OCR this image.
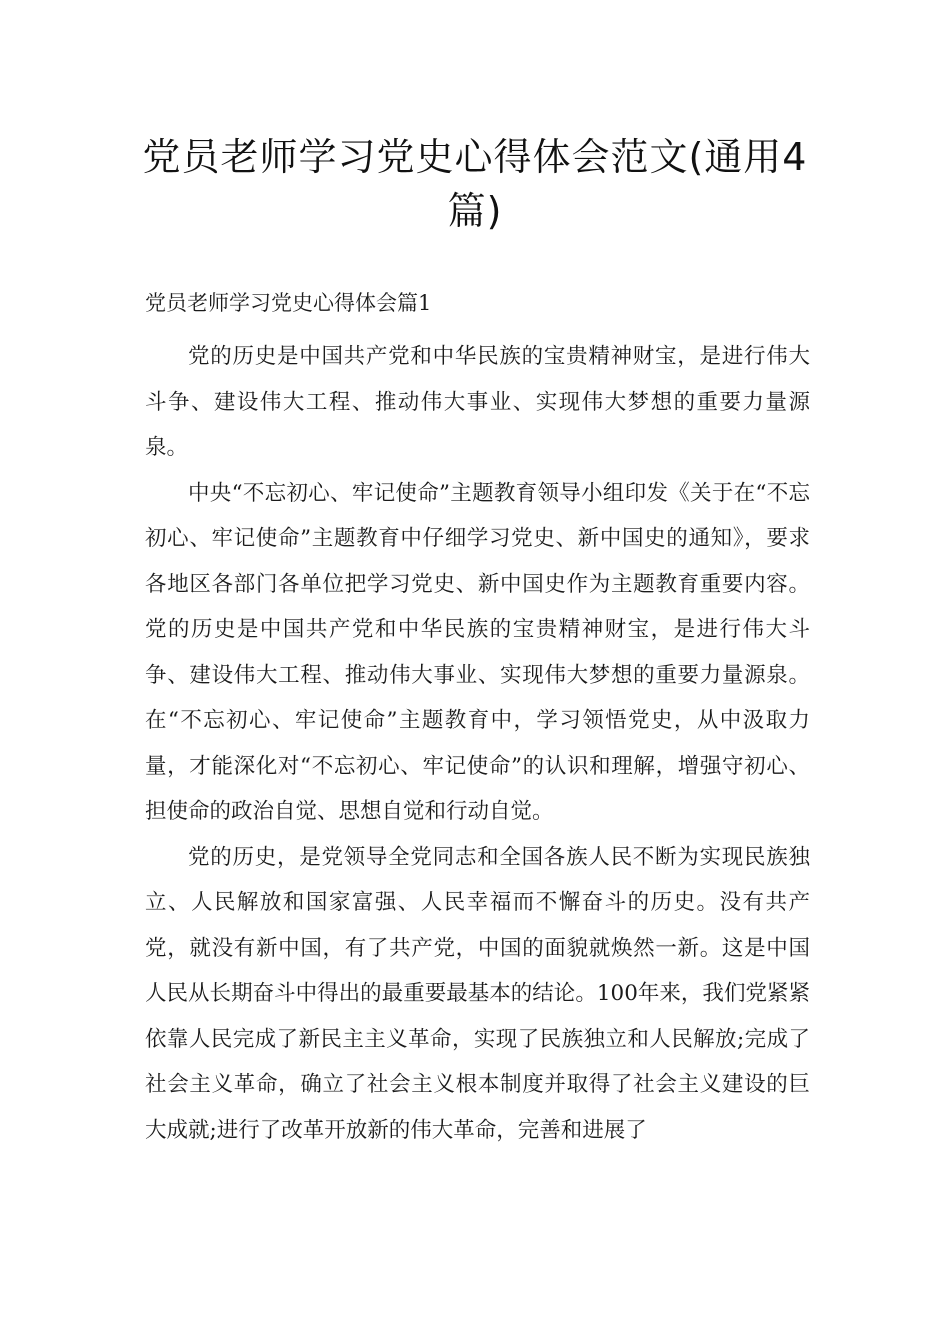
党员老师学习党史心得体会范文(通用4篇)
党员老师学习党史心得体会篇1

党的历史是中国共产党和中华民族的宝贵精神财宝，是进行伟大斗争、建设伟大工程、推动伟大事业、实现伟大梦想的重要力量源泉。

中央“不忘初心、牢记使命”主题教育领导小组印发《关于在“不忘初心、牢记使命”主题教育中仔细学习党史、新中国史的通知》，要求各地区各部门各单位把学习党史、新中国史作为主题教育重要内容。党的历史是中国共产党和中华民族的宝贵精神财宝，是进行伟大斗争、建设伟大工程、推动伟大事业、实现伟大梦想的重要力量源泉。在“不忘初心、牢记使命”主题教育中，学习领悟党史，从中汲取力量，才能深化对“不忘初心、牢记使命”的认识和理解，增强守初心、担使命的政治自觉、思想自觉和行动自觉。

党的历史，是党领导全党同志和全国各族人民不断为实现民族独立、人民解放和国家富强、人民幸福而不懈奋斗的历史。没有共产党，就没有新中国，有了共产党，中国的面貌就焕然一新。这是中国人民从长期奋斗中得出的最重要最基本的结论。100年来，我们党紧紧依靠人民完成了新民主主义革命，实现了民族独立和人民解放;完成了社会主义革命，确立了社会主义根本制度并取得了社会主义建设的巨大成就;进行了改革开放新的伟大革命，完善和进展了
